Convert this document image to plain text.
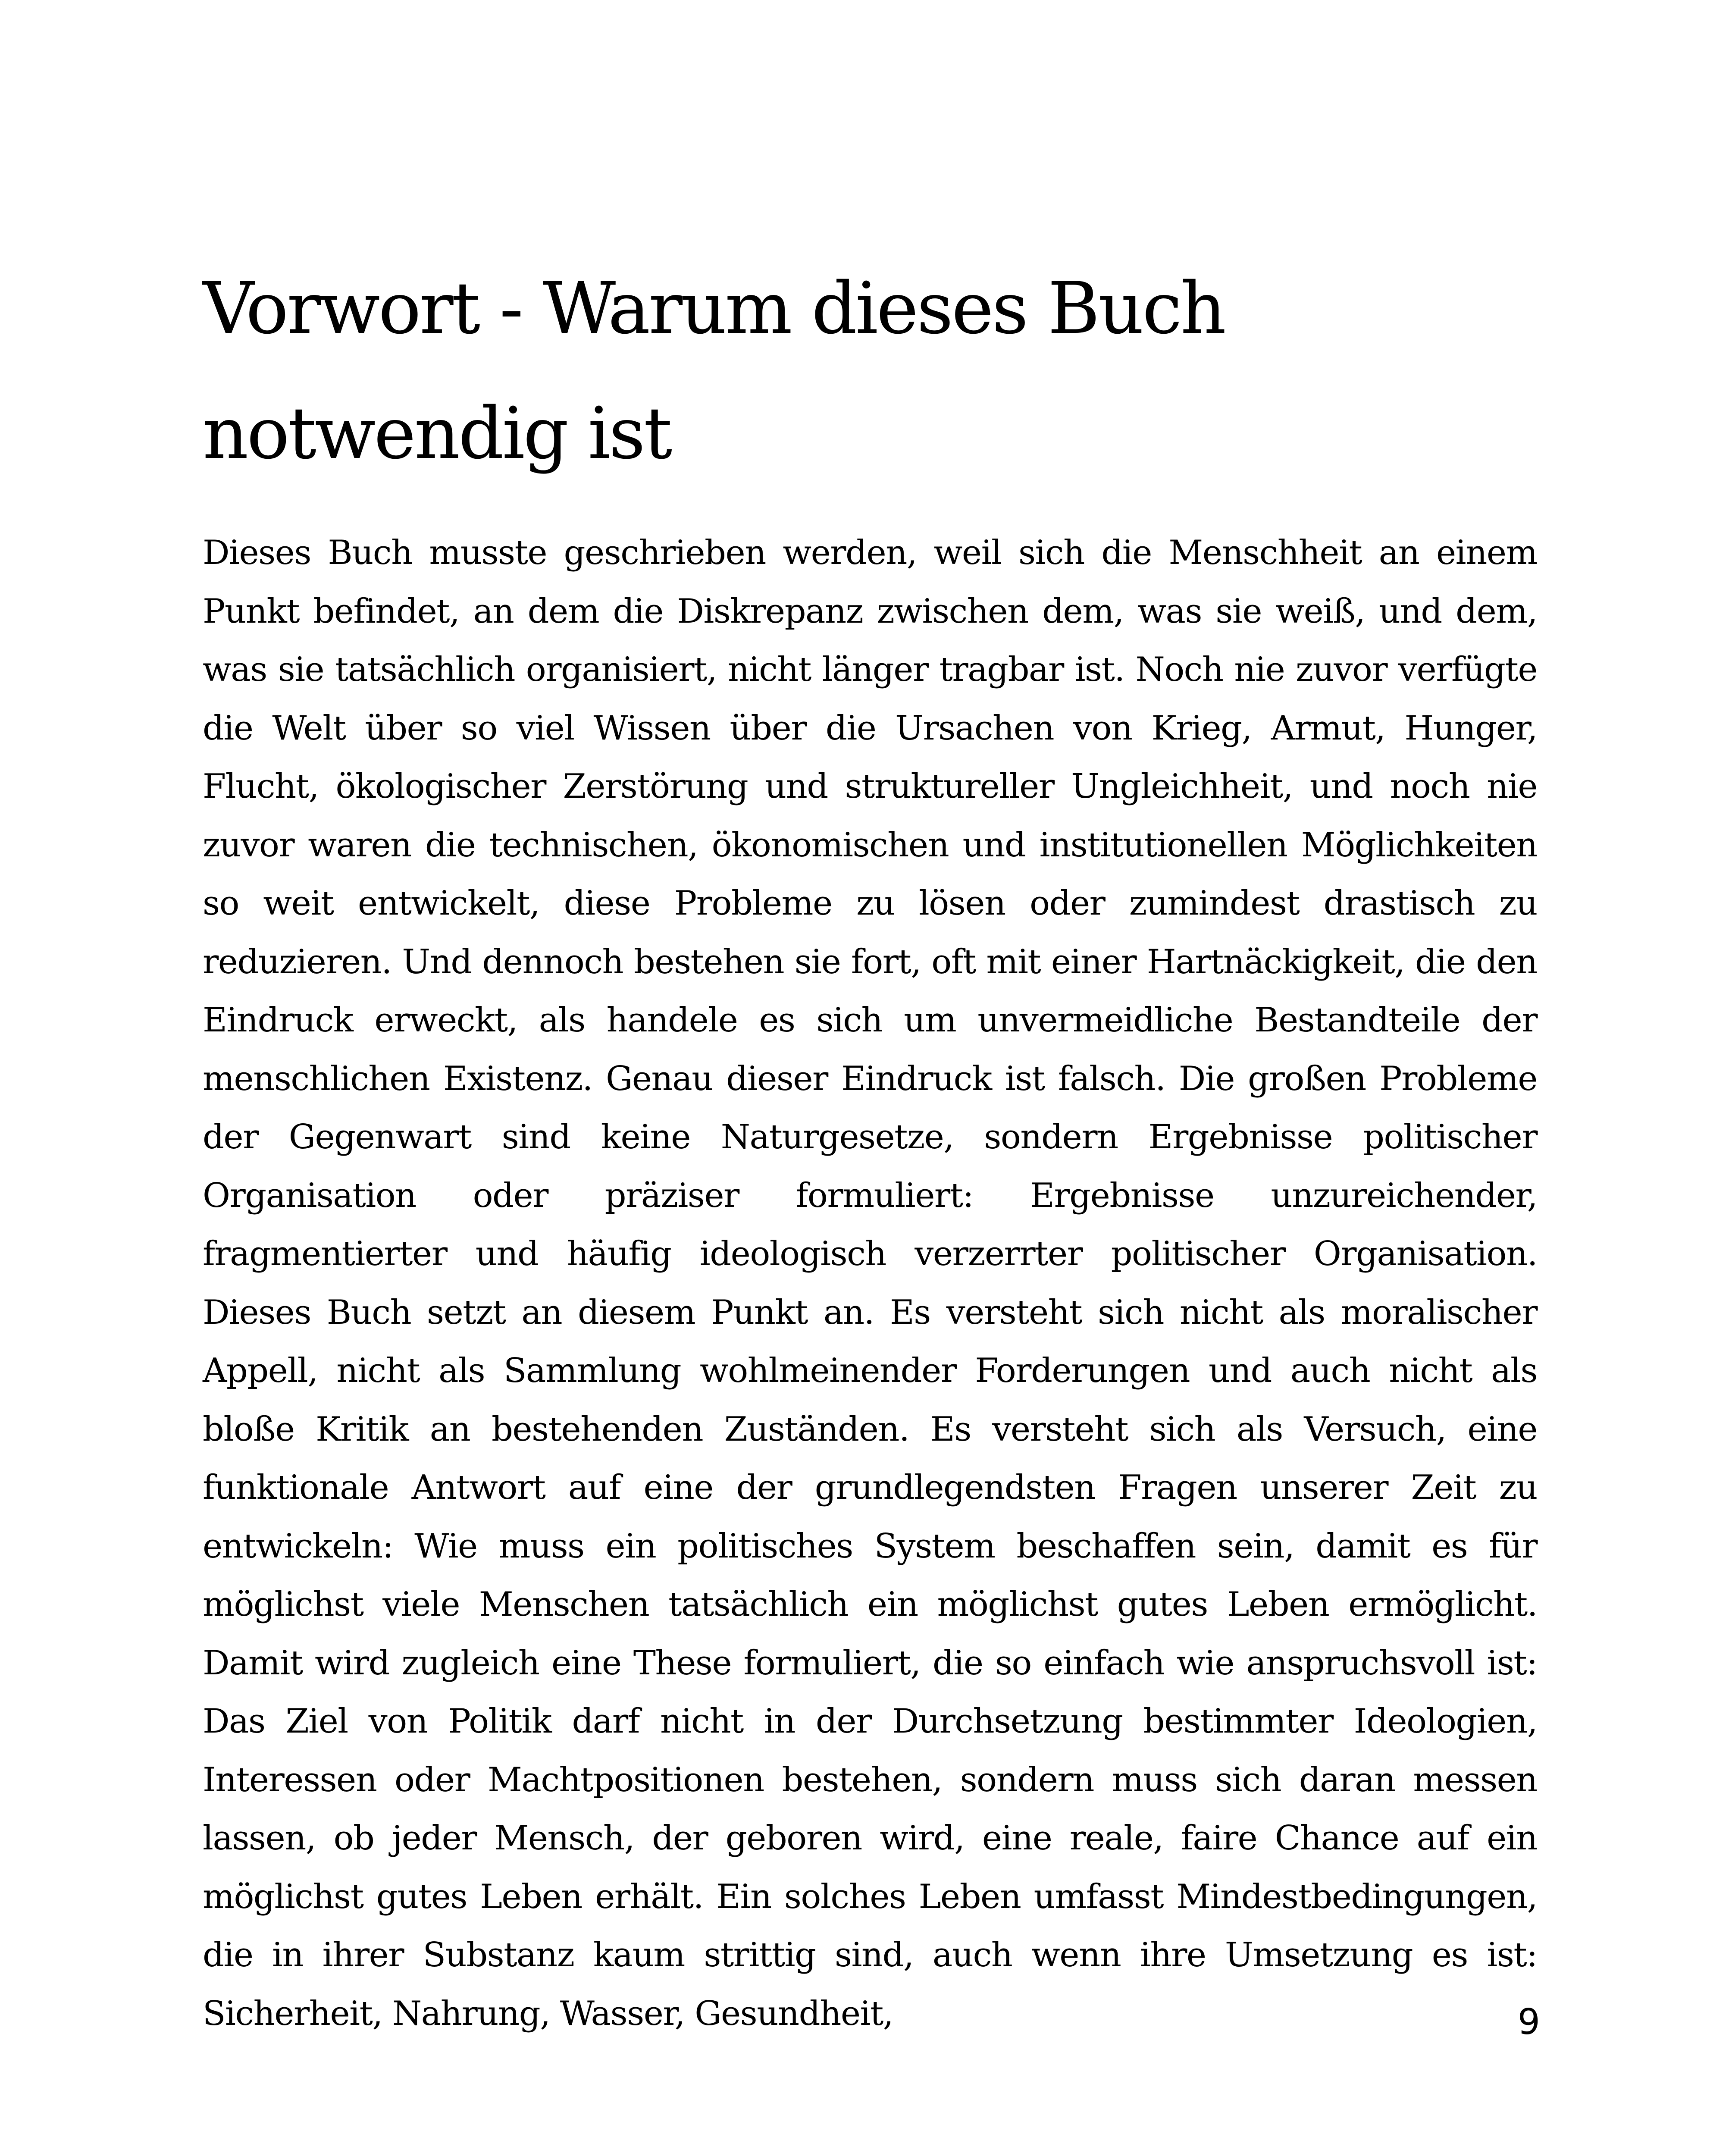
Vorwort - Warum dieses Buch notwendig ist

Dieses Buch musste geschrieben werden, weil sich die Menschheit an einem Punkt befindet, an dem die Diskrepanz zwischen dem, was sie weiß, und dem, was sie tatsächlich organisiert, nicht länger tragbar ist. Noch nie zuvor verfügte die Welt über so viel Wissen über die Ursachen von Krieg, Armut, Hunger, Flucht, ökologischer Zerstörung und struktureller Ungleichheit, und noch nie zuvor waren die technischen, ökonomischen und institutionellen Möglichkeiten so weit entwickelt, diese Probleme zu lösen oder zumindest drastisch zu reduzieren. Und dennoch bestehen sie fort, oft mit einer Hartnäckigkeit, die den Eindruck erweckt, als handele es sich um unvermeidliche Bestandteile der menschlichen Existenz. Genau dieser Eindruck ist falsch. Die großen Probleme der Gegenwart sind keine Naturgesetze, sondern Ergebnisse politischer Organisation oder präziser formuliert: Ergebnisse unzureichender, fragmentierter und häufig ideologisch verzerrter politischer Organisation. Dieses Buch setzt an diesem Punkt an. Es versteht sich nicht als moralischer Appell, nicht als Sammlung wohlmeinender Forderungen und auch nicht als bloße Kritik an bestehenden Zuständen. Es versteht sich als Versuch, eine funktionale Antwort auf eine der grundlegendsten Fragen unserer Zeit zu entwickeln: Wie muss ein politisches System beschaffen sein, damit es für möglichst viele Menschen tatsächlich ein möglichst gutes Leben ermöglicht. Damit wird zugleich eine These formuliert, die so einfach wie anspruchsvoll ist: Das Ziel von Politik darf nicht in der Durchsetzung bestimmter Ideologien, Interessen oder Machtpositionen bestehen, sondern muss sich daran messen lassen, ob jeder Mensch, der geboren wird, eine reale, faire Chance auf ein möglichst gutes Leben erhält. Ein solches Leben umfasst Mindestbedingungen, die in ihrer Substanz kaum strittig sind, auch wenn ihre Umsetzung es ist: Sicherheit, Nahrung, Wasser, Gesundheit,	9
